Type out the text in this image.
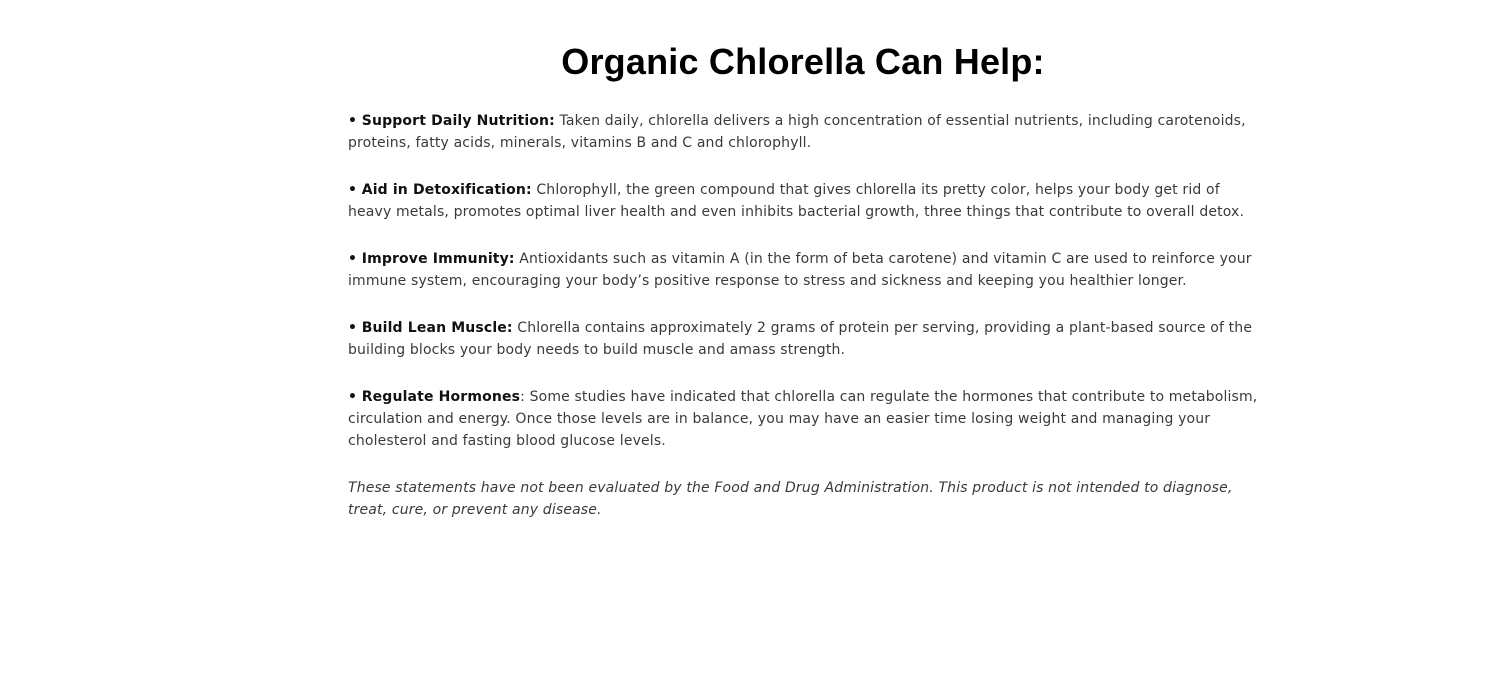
Organic Chlorella Can Help:

• Support Daily Nutrition: Taken daily, chlorella delivers a high concentration of essential nutrients, including carotenoids, proteins, fatty acids, minerals, vitamins B and C and chlorophyll.

• Aid in Detoxification: Chlorophyll, the green compound that gives chlorella its pretty color, helps your body get rid of heavy metals, promotes optimal liver health and even inhibits bacterial growth, three things that contribute to overall detox.

• Improve Immunity: Antioxidants such as vitamin A (in the form of beta carotene) and vitamin C are used to reinforce your immune system, encouraging your body’s positive response to stress and sickness and keeping you healthier longer.

• Build Lean Muscle: Chlorella contains approximately 2 grams of protein per serving, providing a plant-based source of the building blocks your body needs to build muscle and amass strength.

• Regulate Hormones: Some studies have indicated that chlorella can regulate the hormones that contribute to metabolism, circulation and energy. Once those levels are in balance, you may have an easier time losing weight and managing your cholesterol and fasting blood glucose levels.

These statements have not been evaluated by the Food and Drug Administration. This product is not intended to diagnose, treat, cure, or prevent any disease.
